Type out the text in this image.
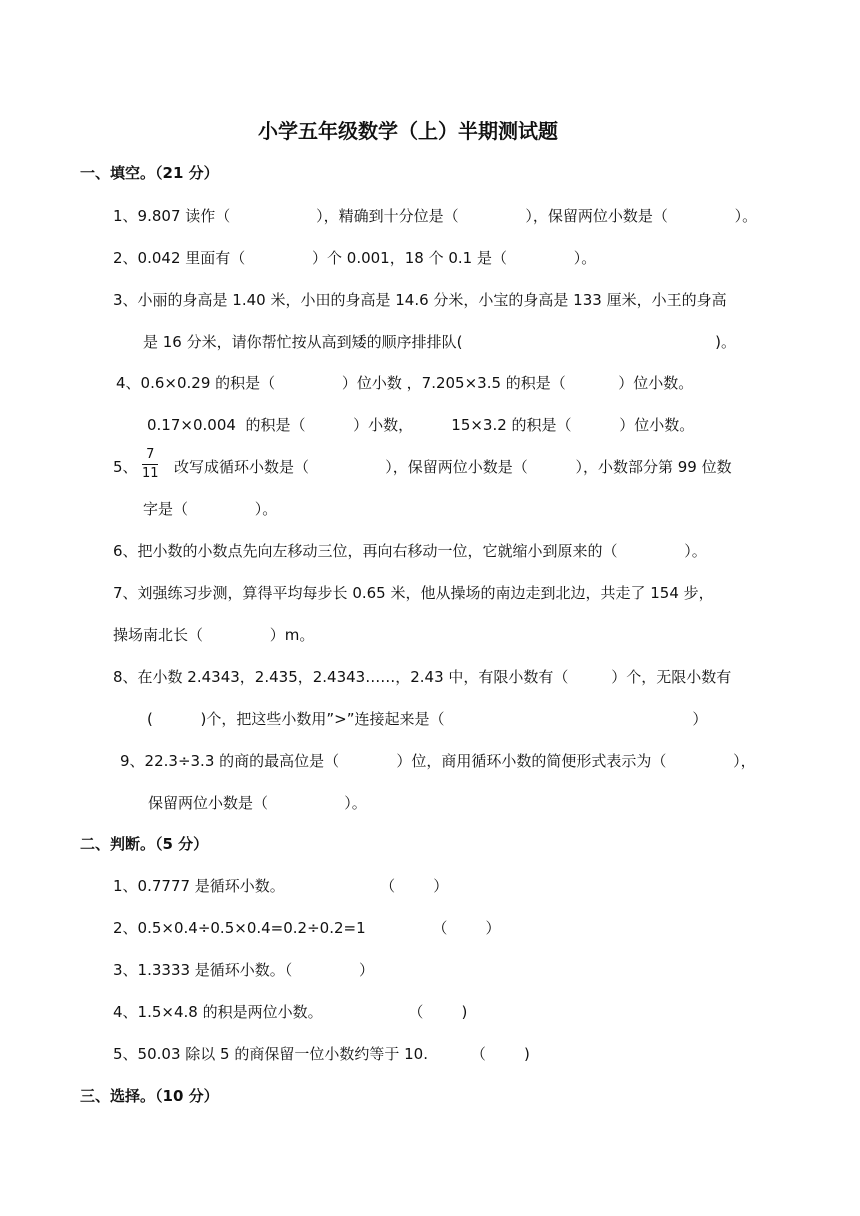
小学五年级数学（上）半期测试题
一、填空。（21 分）
1、9.807 读作（                  ），精确到十分位是（              ），保留两位小数是（              ）。
2、0.042 里面有（              ）个 0.001，18 个 0.1 是（              ）。
3、小丽的身高是 1.40 米，小田的身高是 14.6 分米，小宝的身高是 133 厘米，小王的身高
是 16 分米，请你帮忙按从高到矮的顺序排排队(                                                     )。
4、0.6×0.29 的积是（              ）位小数 ，7.205×3.5 的积是（           ）位小数。
0.17×0.004  的积是（          ）小数，        15×3.2 的积是（          ）位小数。
5、
7
11 改写成循环小数是（                ），保留两位小数是（          ），小数部分第 99 位数
字是（              ）。
6、把小数的小数点先向左移动三位，再向右移动一位，它就缩小到原来的（              ）。
7、刘强练习步测，算得平均每步长 0.65 米，他从操场的南边走到北边，共走了 154 步，
操场南北长（              ）m。
8、在小数 2.4343，2.435，2.4343……，2.43 中，有限小数有（         ）个，无限小数有
(          )个，把这些小数用”>”连接起来是（                                                    ）
9、22.3÷3.3 的商的最高位是（            ）位，商用循环小数的简便形式表示为（              ），
保留两位小数是（                ）。
二、判断。（5 分）
1、0.7777 是循环小数。                    （        ）
2、0.5×0.4÷0.5×0.4=0.2÷0.2=1              （        ）
3、1.3333 是循环小数。（              ）
4、1.5×4.8 的积是两位小数。                  （        )
5、50.03 除以 5 的商保留一位小数约等于 10.         （        )
三、选择。（10 分）
